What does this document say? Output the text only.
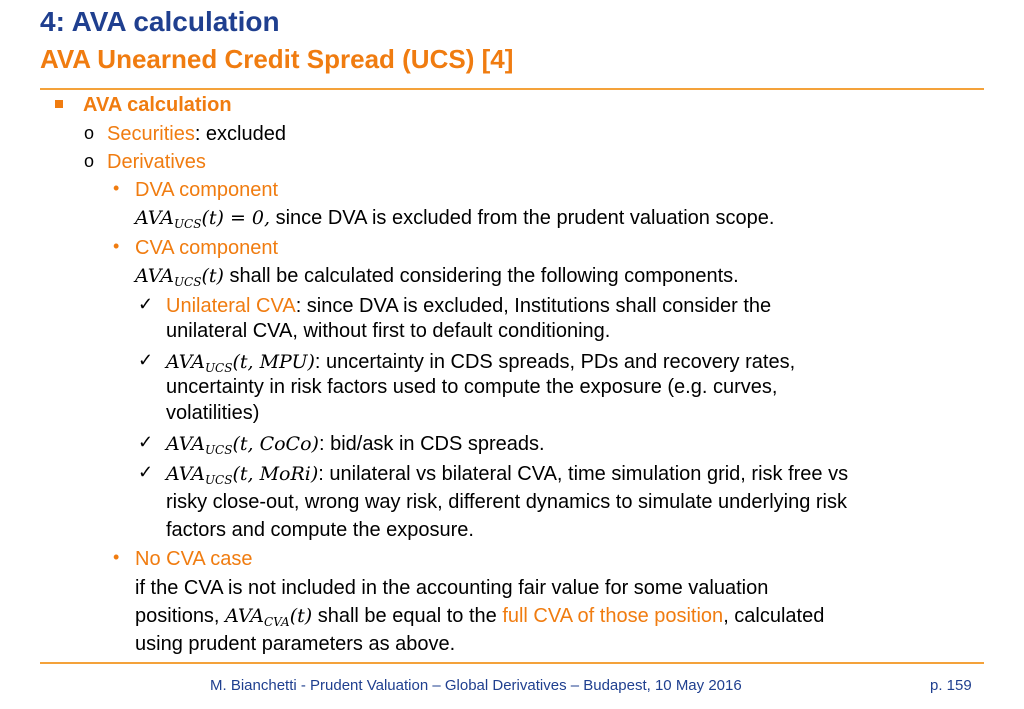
4: AVA calculation
AVA Unearned Credit Spread (UCS) [4]
AVA calculation
o Securities: excluded
o Derivatives
• DVA component
$AVA_{UCS}(t) = 0$, since DVA is excluded from the prudent valuation scope.
• CVA component
$AVA_{UCS}(t)$ shall be calculated considering the following components.
✓ Unilateral CVA: since DVA is excluded, Institutions shall consider the
unilateral CVA, without first to default conditioning.
✓ $AVA_{UCS}(t$, MPU): uncertainty in CDS spreads, PDs and recovery rates,
uncertainty in risk factors used to compute the exposure (e.g. curves,
volatilities)
✓ $AVA_{UCS}(t$, CoCo): bid/ask in CDS spreads.
✓ $AVA_{UCS}(t$, MoRi): unilateral vs bilateral CVA, time simulation grid, risk free vs
risky close-out, wrong way risk, different dynamics to simulate underlying risk
factors and compute the exposure.
• No CVA case
if the CVA is not included in the accounting fair value for some valuation
positions, $AVA_{CVA}(t)$ shall be equal to the full CVA of those position, calculated
using prudent parameters as above.
M. Bianchetti - Prudent Valuation – Global Derivatives – Budapest, 10 May 2016	p. 159
